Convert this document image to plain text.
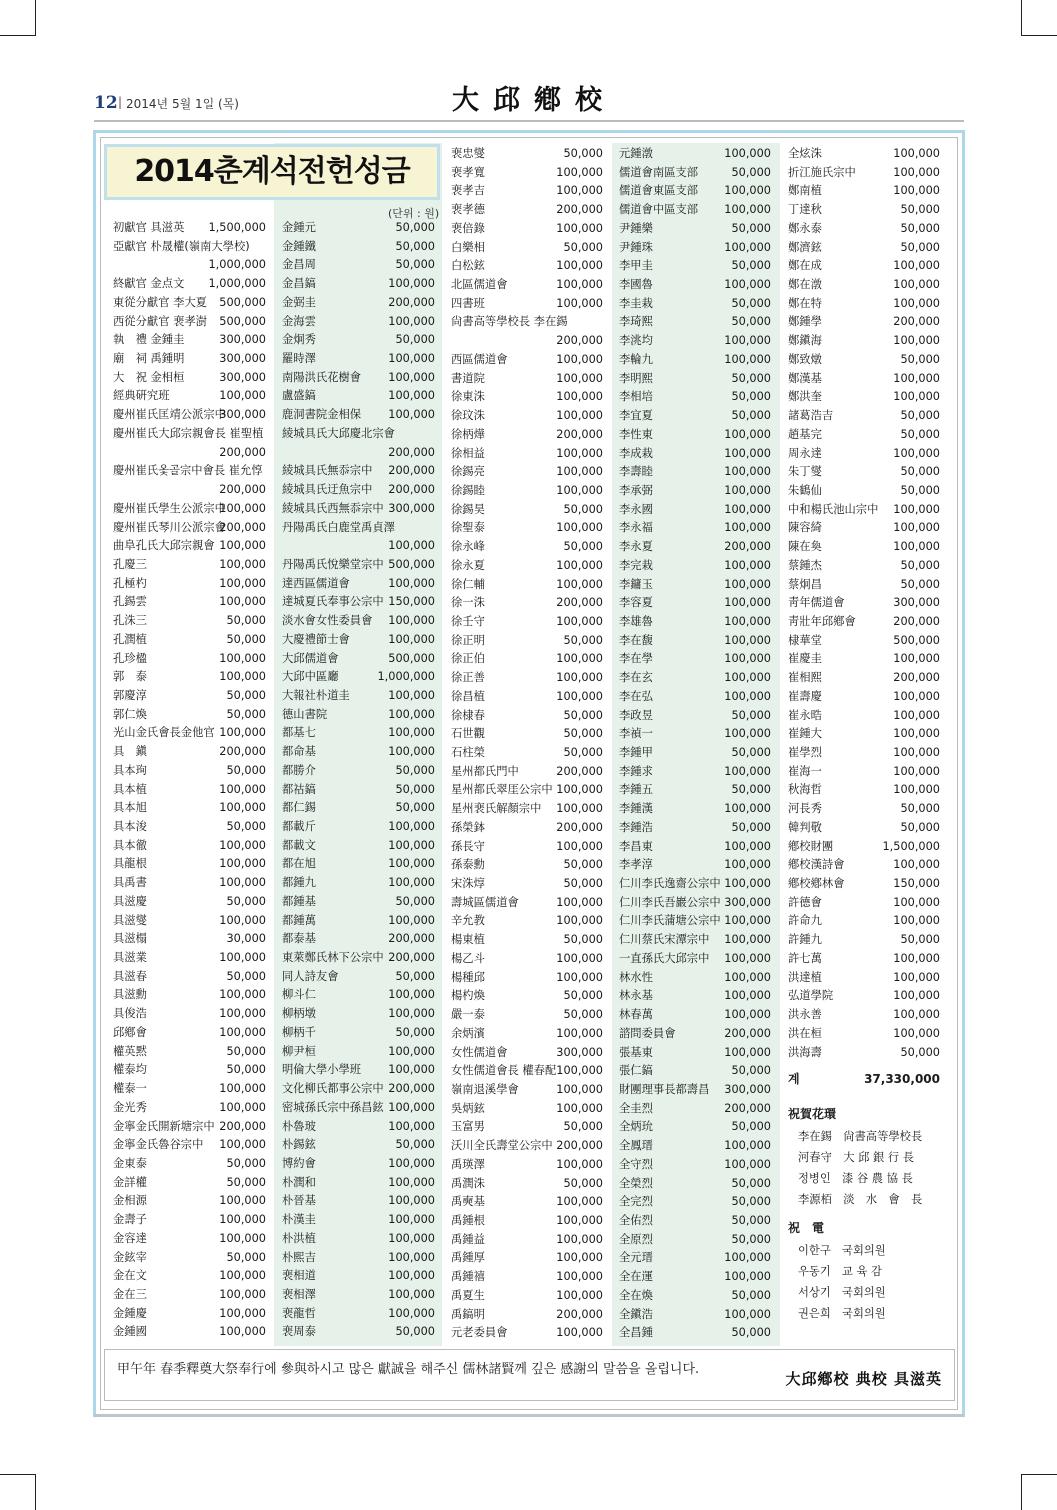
12 | 2014년 5월 1일 (목)	大邱鄕校
2014춘계석전헌성금
(단위 : 원)
初獻官 具滋英 1,500,000
亞獻官 朴晟權(嶺南大學校)
1,000,000
終獻官 金点文 1,000,000
東從分獻官 李大夏 500,000
西從分獻官 裵孝澍 500,000
執　禮 金鍾圭	300,000
廟　祠 禹鍾明	300,000
大　祝 金相桓	300,000
經典硏究班	100,000
慶州崔氏匡靖公派宗中
300,000
慶州崔氏大邱宗親會長 崔聖植
200,000
慶州崔氏옻골宗中會長 崔允惇
200,000
慶州崔氏學生公派宗中
100,000
慶州崔氏琴川公派宗會
200,000
曲阜孔氏大邱宗親會 100,000
孔慶三	100,000
孔極杓	100,000
孔錫雲	100,000
孔洙三	50,000
孔潤植	50,000
孔珍楹	100,000
郭　泰	100,000
郭慶淳	50,000
郭仁煥	50,000
光山金氏會長金他官 100,000
具　鎭	200,000
具本珣	50,000
具本植	100,000
具本旭	100,000
具本浚	50,000
具本徹	100,000
具龍根	100,000
具禹書	100,000
具滋慶	50,000
具滋燮	100,000
具滋榻	30,000
具滋業	100,000
具滋春	50,000
具滋勳	100,000
具俊浩	100,000
邱鄕會	100,000
權英黙	50,000
權泰均	50,000
權泰一	100,000
金光秀	100,000
金寧金氏開新塘宗中 200,000
金寧金氏魯谷宗中 100,000
金東泰	50,000
金詳權	50,000
金相源	100,000
金壽子	100,000
金容達	100,000
金鉉宰	50,000
金在文	100,000
金在三	100,000
金鍾慶	100,000
金鍾國	100,000
金鍾元	50,000
金鍾鐵	50,000
金昌周	50,000
金昌鎬	100,000
金弼圭	200,000
金海雲	100,000
金炯秀	50,000
羅時澤	100,000
南陽洪氏花樹會 100,000
盧盛鎬	100,000
鹿洞書院金相保 100,000
綾城具氏大邱慶北宗會
200,000
綾城具氏無忝宗中 200,000
綾城具氏迂魚宗中 200,000
綾城具氏西無忝宗中 300,000
丹陽禹氏白鹿堂禹貞澤
100,000
丹陽禹氏悅樂堂宗中 500,000
達西區儒道會	100,000
達城夏氏奉事公宗中 150,000
淡水會女性委員會 100,000
大慶禮節士會	100,000
大邱儒道會	500,000
大邱中區廳	1,000,000
大報社朴道圭	100,000
德山書院	100,000
都基七	100,000
都命基	100,000
都勝介	50,000
都祜鎬	50,000
都仁錫	50,000
都載斤	100,000
都載文	100,000
都在旭	100,000
都鍾九	100,000
都鍾基	50,000
都鍾萬	100,000
都泰基	200,000
東萊鄭氏林下公宗中 200,000
同人詩友會	50,000
柳斗仁	100,000
柳柄墩	100,000
柳柄千	50,000
柳尹桓	100,000
明倫大學小學班 100,000
文化柳氏都事公宗中 200,000
密城孫氏宗中孫昌鉉 100,000
朴魯玻	100,000
朴錫鉉	50,000
博約會	100,000
朴潤和	100,000
朴晉基	100,000
朴漢圭	100,000
朴洪植	100,000
朴熙吉	100,000
裵相道	100,000
裵相澤	100,000
裵龍哲	100,000
裵周泰	50,000
裵忠燮	50,000
裵孝寬	100,000
裵孝吉	100,000
裵孝德	200,000
裵倍錄	100,000
白樂相	50,000
白松鉉	100,000
北區儒道會	100,000
四書班	100,000
尙書高等學校長 李在錫
200,000
西區儒道會	100,000
書道院	100,000
徐東洙	100,000
徐玟洙	100,000
徐柄燁	200,000
徐相益	100,000
徐錫亮	100,000
徐錫睦	100,000
徐錫昊	50,000
徐聖泰	100,000
徐永峰	50,000
徐永夏	100,000
徐仁輔	100,000
徐一洙	200,000
徐壬守	100,000
徐正明	50,000
徐正伯	100,000
徐正善	100,000
徐昌植	100,000
徐棣春	50,000
石世觀	50,000
石柱榮	50,000
星州都氏門中	200,000
星州都氏翠厓公宗中 100,000
星州裵氏解顏宗中 100,000
孫榮鉢	200,000
孫長守	100,000
孫泰勳	50,000
宋洙焞	50,000
壽城區儒道會	100,000
辛允教	100,000
楊東植	50,000
楊乙斗	100,000
楊種邱	100,000
楊杓煥	50,000
嚴一泰	50,000
余炳濱	100,000
女性儒道會	300,000
女性儒道會長 權春配 100,000
嶺南退溪學會	100,000
吳炳鉉	100,000
玉富男	50,000
沃川全氏壽堂公宗中 200,000
禹瑛澤	100,000
禹潤洙	50,000
禹奭基	100,000
禹鍾根	100,000
禹鍾益	100,000
禹鍾厚	100,000
禹鍾禧	100,000
禹夏生	100,000
禹鎬明	200,000
元老委員會	100,000
元鍾潡	100,000
儒道會南區支部	50,000
儒道會東區支部 100,000
儒道會中區支部 100,000
尹鍾樂	50,000
尹鍾珠	100,000
李甲圭	50,000
李國魯	100,000
李圭栽	50,000
李琦熙	50,000
李洮均	100,000
李輪九	100,000
李明熙	50,000
李相培	50,000
李宜夏	50,000
李性東	100,000
李成栽	100,000
李壽睦	100,000
李承弼	100,000
李永國	100,000
李永福	100,000
李永夏	200,000
李完栽	100,000
李鏞玉	100,000
李容夏	100,000
李雄魯	100,000
李在馥	100,000
李在學	100,000
李在玄	100,000
李在弘	100,000
李政昱	50,000
李禎一	100,000
李鍾甲	50,000
李鍾求	100,000
李鍾五	50,000
李鍾漢	100,000
李鍾浩	50,000
李昌東	100,000
李孝淳	100,000
仁川李氏逸齋公宗中 100,000
仁川李氏吾巖公宗中 300,000
仁川李氏蒲塘公宗中 100,000
仁川蔡氏宋潭宗中 100,000
一直孫氏大邱宗中 100,000
林水性	100,000
林永基	100,000
林春萬	100,000
諮問委員會	200,000
張基東	100,000
張仁鎬	50,000
財團理事長都壽昌 300,000
全圭烈	200,000
全炳玧	50,000
全鳳瑨	100,000
全守烈	100,000
全榮烈	50,000
全完烈	50,000
全佑烈	50,000
全原烈	50,000
全元瑨	100,000
全在運	100,000
全在煥	50,000
全鎭浩	100,000
全昌鍾	50,000
全炫洙	100,000
折江施氏宗中	100,000
鄭南植	100,000
丁達秋	50,000
鄭永泰	50,000
鄭濟鉉	50,000
鄭在成	100,000
鄭在潡	100,000
鄭在特	100,000
鄭鍾學	200,000
鄭鎭海	100,000
鄭致燉	50,000
鄭漢基	100,000
鄭洪奎	100,000
諸葛浩吉	50,000
趙基完	50,000
周永達	100,000
朱丁燮	50,000
朱鶴仙	50,000
中和楊氏池山宗中 100,000
陳容綺	100,000
陳在奐	100,000
蔡鍾杰	50,000
蔡炯昌	50,000
靑年儒道會	300,000
靑壯年邱鄕會	200,000
棣華堂	500,000
崔慶圭	100,000
崔相熙	200,000
崔壽慶	100,000
崔永晧	100,000
崔鍾大	100,000
崔學烈	100,000
崔海一	100,000
秋海哲	100,000
河長秀	50,000
韓判敬	50,000
鄕校財團	1,500,000
鄕校漢詩會	100,000
鄕校鄕林會	150,000
許德會	100,000
許命九	100,000
許鍾九	50,000
許七萬	100,000
洪達植	100,000
弘道學院	100,000
洪永善	100,000
洪在桓	100,000
洪海壽	50,000
계	37,330,000
祝賀花環
李在錫　尙書高等學校長
河春守　大 邱 銀 行 長
정병인　漆 谷 農 協 長
李源栢　淡　水　會　長
祝　電
이한구　국회의원
우동기　교 육 감
서상기　국회의원
권은희　국회의원
甲午年 春季釋奠大祭奉行에 參與하시고 많은 獻誠을 해주신 儒林諸賢께 깊은 感謝의 말씀을 올립니다.
大邱鄕校 典校 具滋英
